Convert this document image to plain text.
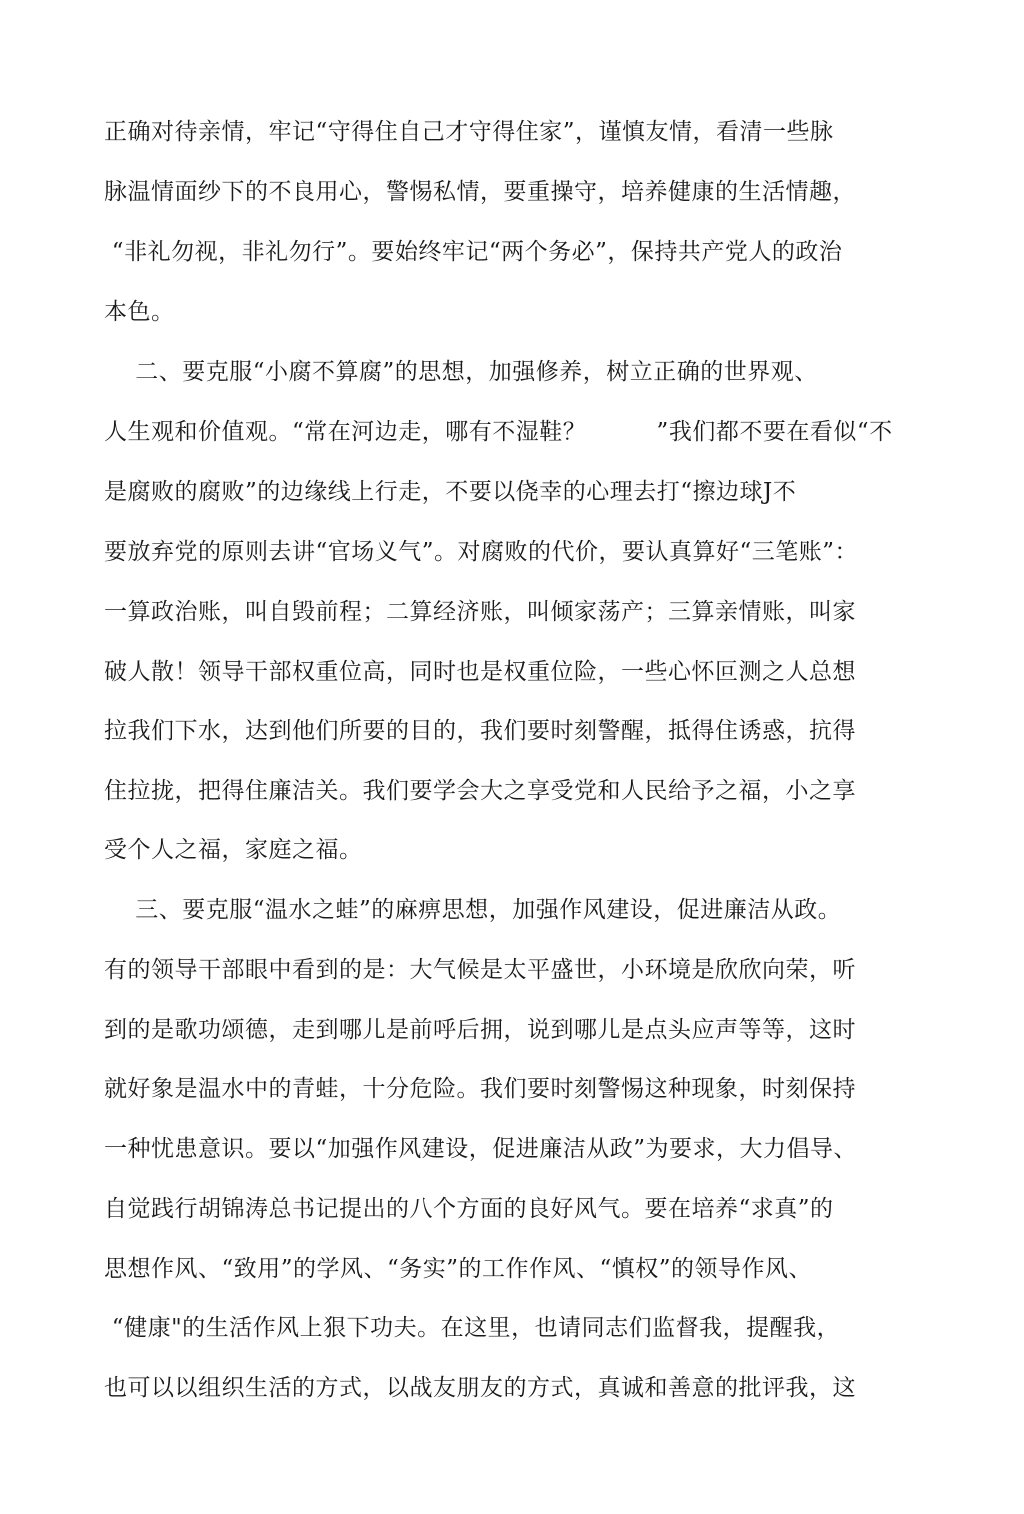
正确对待亲情，牢记“守得住自己才守得住家”，谨慎友情，看清一些脉
脉温情面纱下的不良用心，警惕私情，要重操守，培养健康的生活情趣，
“非礼勿视，非礼勿行”。要始终牢记“两个务必”，保持共产党人的政治
本色。
二、要克服“小腐不算腐”的思想，加强修养，树立正确的世界观、
人生观和价值观。“常在河边走，哪有不湿鞋？         ”我们都不要在看似“不
是腐败的腐败”的边缘线上行走，不要以侥幸的心理去打“擦边球J不
要放弃党的原则去讲“官场义气”。对腐败的代价，要认真算好“三笔账”：
一算政治账，叫自毁前程；二算经济账，叫倾家荡产；三算亲情账，叫家
破人散！领导干部权重位高，同时也是权重位险，一些心怀叵测之人总想
拉我们下水，达到他们所要的目的，我们要时刻警醒，抵得住诱惑，抗得
住拉拢，把得住廉洁关。我们要学会大之享受党和人民给予之福，小之享
受个人之福，家庭之福。
三、要克服“温水之蛙”的麻痹思想，加强作风建设，促进廉洁从政。
有的领导干部眼中看到的是：大气候是太平盛世，小环境是欣欣向荣，听
到的是歌功颂德，走到哪儿是前呼后拥，说到哪儿是点头应声等等，这时
就好象是温水中的青蛙，十分危险。我们要时刻警惕这种现象，时刻保持
一种忧患意识。要以“加强作风建设，促进廉洁从政”为要求，大力倡导、
自觉践行胡锦涛总书记提出的八个方面的良好风气。要在培养“求真”的
思想作风、“致用”的学风、“务实”的工作作风、“慎权”的领导作风、
“健康"的生活作风上狠下功夫。在这里，也请同志们监督我，提醒我，
也可以以组织生活的方式，以战友朋友的方式，真诚和善意的批评我，这
